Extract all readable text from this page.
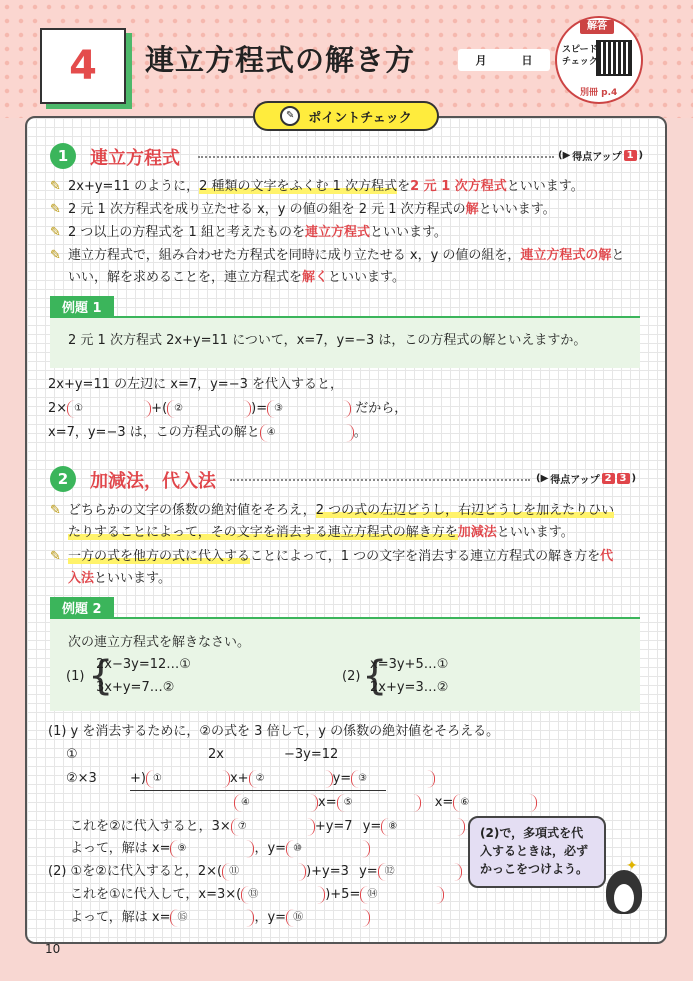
4	連立方程式の解き方	月	日
解答
スピード
チェック
別冊 p.4
✎	ポイントチェック
1	連立方程式	(▶ 得点アップ 1 )
✎ 2x+y=11 のように，2 種類の文字をふくむ 1 次方程式を2 元 1 次方程式といいます。
✎ 2 元 1 次方程式を成り立たせる x，y の値の組を 2 元 1 次方程式の解といいます。
✎ 2 つ以上の方程式を 1 組と考えたものを連立方程式といいます。
✎ 連立方程式で，組み合わせた方程式を同時に成り立たせる x，y の値の組を，連立方程式の解と
いい，解を求めることを，連立方程式を解くといいます。
例題 1
2 元 1 次方程式 2x+y=11 について，x=7，y=−3 は，この方程式の解といえますか。
2x+y=11 の左辺に x=7，y=−3 を代入すると，
2× ①	+( ②	)= ③	だから，
x=7，y=−3 は，この方程式の解と ④	。
2	加減法，代入法	(▶ 得点アップ 2 3 )
✎ どちらかの文字の係数の絶対値をそろえ，2 つの式の左辺どうし，右辺どうしを加えたりひい
たりすることによって，その文字を消去する連立方程式の解き方を加減法といいます。
✎ 一方の式を他方の式に代入することによって，1 つの文字を消去する連立方程式の解き方を代
入法といいます。
例題 2
次の連立方程式を解きなさい。
(1) {
2x−3y=12…①
3x+y=7…②
(2) {
x=3y+5…①
2x+y=3…②
(1) y を消去するために，②の式を 3 倍して，y の係数の絶対値をそろえる。
①	2x	−3y=12
②×3	+) ①	x+ ②	y= ③
④	x= ⑤	x= ⑥
これを②に代入すると，3× ⑦	+y=7 y= ⑧
よって，解は x= ⑨	，y= ⑩
(2) ①を②に代入すると，2×( ⑪	)+y=3 y= ⑫
これを①に代入して，x=3×( ⑬	)+5= ⑭
よって，解は x= ⑮	，y= ⑯
(2)で，多項式を代入するときは，必ずかっこをつけよう。	✦
10
